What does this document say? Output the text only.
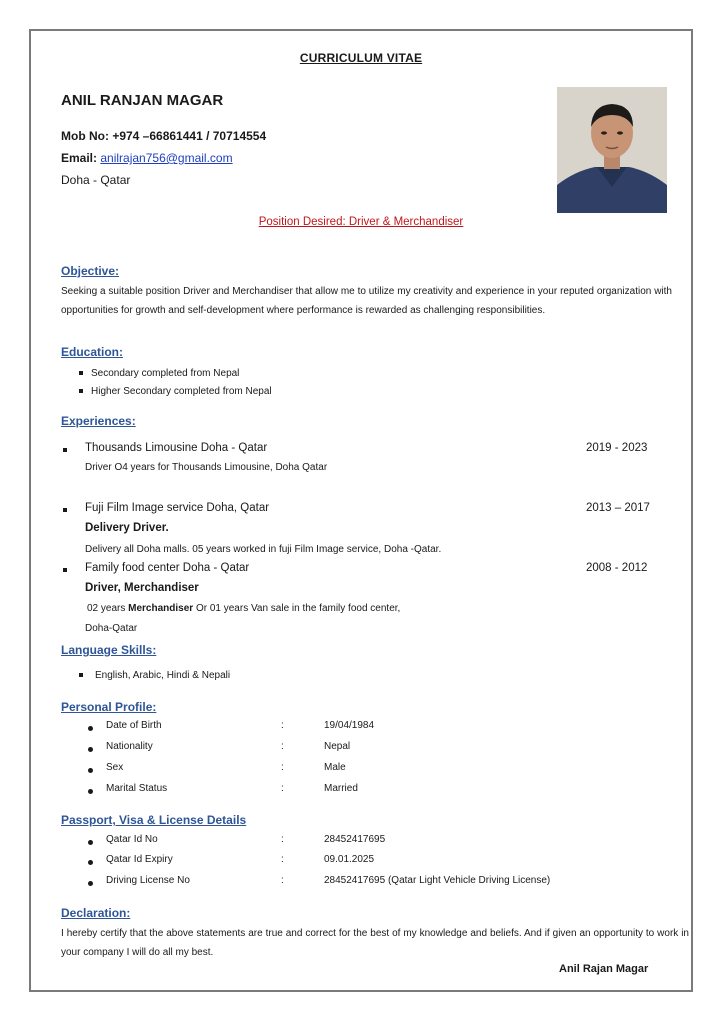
CURRICULUM VITAE
ANIL RANJAN MAGAR
Mob No: +974 –66861441 / 70714554
Email: anilrajan756@gmail.com
Doha - Qatar
Position Desired: Driver & Merchandiser
Objective:
Seeking a suitable position Driver and Merchandiser that allow me to utilize my creativity and experience in your reputed organization with opportunities for growth and self-development where performance is rewarded as challenging responsibilities.
Education:
Secondary completed from Nepal
Higher Secondary completed from Nepal
Experiences:
Thousands Limousine Doha - Qatar	2019 - 2023
Driver O4 years for Thousands Limousine, Doha Qatar
Fuji Film Image service Doha, Qatar	2013 – 2017
Delivery Driver.
Delivery all Doha malls. 05 years worked in fuji Film Image service, Doha -Qatar.
Family food center Doha - Qatar	2008 - 2012
Driver, Merchandiser
02 years Merchandiser Or 01 years Van sale in the family food center,
Doha-Qatar
Language Skills:
English, Arabic, Hindi & Nepali
Personal Profile:
Date of Birth	:	19/04/1984
Nationality	:	Nepal
Sex	:	Male
Marital Status	:	Married
Passport, Visa & License Details
Qatar Id No	:	28452417695
Qatar Id Expiry	:	09.01.2025
Driving License No	:	28452417695 (Qatar Light Vehicle Driving License)
Declaration:
I hereby certify that the above statements are true and correct for the best of my knowledge and beliefs. And if given an opportunity to work in your company I will do all my best.
Anil Rajan Magar
